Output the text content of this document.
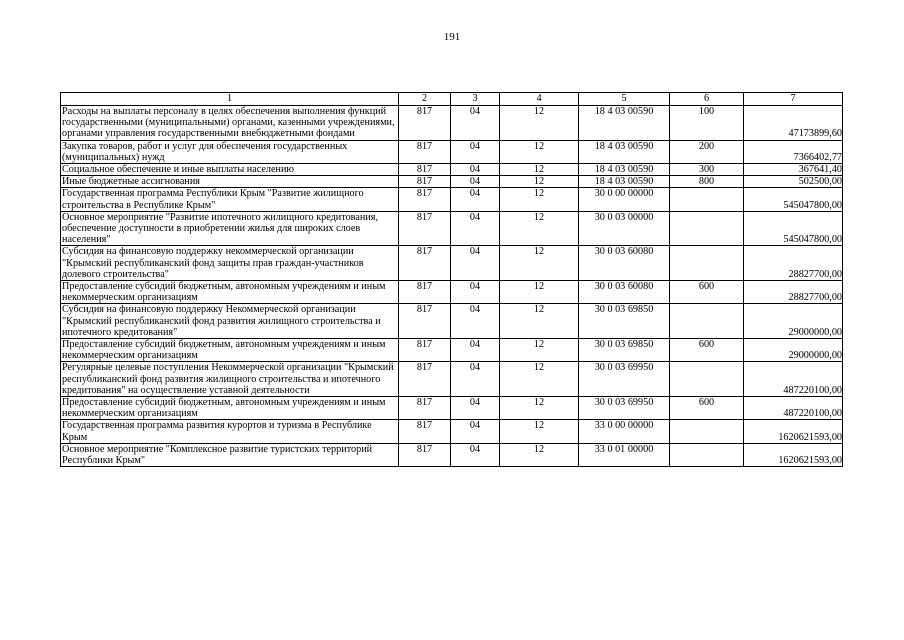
191
1	2	3	4	5	6	7
Расходы на выплаты персоналу в целях обеспечения выполнения функций государственными (муниципальными) органами, казенными учреждениями, органами управления государственными внебюджетными фондами	817	04	12	18 4 03 00590	100	47173899,60
Закупка товаров, работ и услуг для обеспечения государственных (муниципальных) нужд	817	04	12	18 4 03 00590	200	7366402,77
Социальное обеспечение и иные выплаты населению	817	04	12	18 4 03 00590	300	367641,40
Иные бюджетные ассигнования	817	04	12	18 4 03 00590	800	502500,00
Государственная программа Республики Крым "Развитие жилищного строительства в Республике Крым"	817	04	12	30 0 00 00000		545047800,00
Основное мероприятие "Развитие ипотечного жилищного кредитования, обеспечение доступности в приобретении жилья для широких слоев населения"	817	04	12	30 0 03 00000		545047800,00
Субсидия на финансовую поддержку некоммерческой организации "Крымский республиканский фонд защиты прав граждан-участников долевого строительства"	817	04	12	30 0 03 60080		28827700,00
Предоставление субсидий бюджетным, автономным учреждениям и иным некоммерческим организациям	817	04	12	30 0 03 60080	600	28827700,00
Субсидия на финансовую поддержку Некоммерческой организации "Крымский республиканский фонд развития жилищного строительства и ипотечного кредитования"	817	04	12	30 0 03 69850		29000000,00
Предоставление субсидий бюджетным, автономным учреждениям и иным некоммерческим организациям	817	04	12	30 0 03 69850	600	29000000,00
Регулярные целевые поступления Некоммерческой организации "Крымский республиканский фонд развития жилищного строительства и ипотечного кредитования" на осуществление уставной деятельности	817	04	12	30 0 03 69950		487220100,00
Предоставление субсидий бюджетным, автономным учреждениям и иным некоммерческим организациям	817	04	12	30 0 03 69950	600	487220100,00
Государственная программа развития курортов и туризма в Республике Крым	817	04	12	33 0 00 00000		1620621593,00
Основное мероприятие "Комплексное развитие туристских территорий Республики Крым"	817	04	12	33 0 01 00000		1620621593,00
